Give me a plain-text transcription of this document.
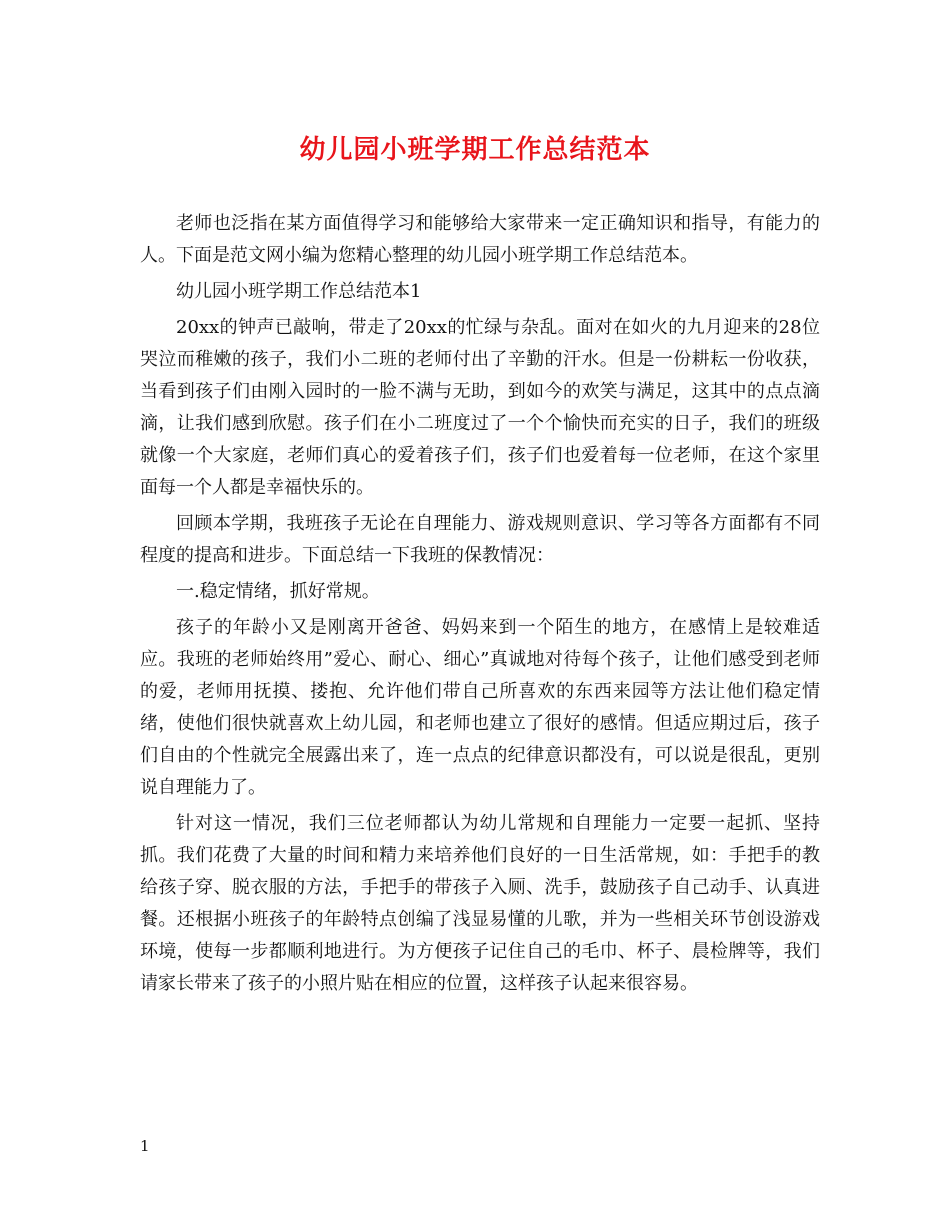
幼儿园小班学期工作总结范本

老师也泛指在某方面值得学习和能够给大家带来一定正确知识和指导，有能力的人。下面是范文网小编为您精心整理的幼儿园小班学期工作总结范本。

幼儿园小班学期工作总结范本1

20xx的钟声已敲响，带走了20xx的忙绿与杂乱。面对在如火的九月迎来的28位哭泣而稚嫩的孩子，我们小二班的老师付出了辛勤的汗水。但是一份耕耘一份收获，当看到孩子们由刚入园时的一脸不满与无助，到如今的欢笑与满足，这其中的点点滴滴，让我们感到欣慰。孩子们在小二班度过了一个个愉快而充实的日子，我们的班级就像一个大家庭，老师们真心的爱着孩子们，孩子们也爱着每一位老师，在这个家里面每一个人都是幸福快乐的。

回顾本学期，我班孩子无论在自理能力、游戏规则意识、学习等各方面都有不同程度的提高和进步。下面总结一下我班的保教情况：

一.稳定情绪，抓好常规。

孩子的年龄小又是刚离开爸爸、妈妈来到一个陌生的地方，在感情上是较难适应。我班的老师始终用”爱心、耐心、细心”真诚地对待每个孩子，让他们感受到老师的爱，老师用抚摸、搂抱、允许他们带自己所喜欢的东西来园等方法让他们稳定情绪，使他们很快就喜欢上幼儿园，和老师也建立了很好的感情。但适应期过后，孩子们自由的个性就完全展露出来了，连一点点的纪律意识都没有，可以说是很乱，更别说自理能力了。

针对这一情况，我们三位老师都认为幼儿常规和自理能力一定要一起抓、坚持抓。我们花费了大量的时间和精力来培养他们良好的一日生活常规，如：手把手的教给孩子穿、脱衣服的方法，手把手的带孩子入厕、洗手，鼓励孩子自己动手、认真进餐。还根据小班孩子的年龄特点创编了浅显易懂的儿歌，并为一些相关环节创设游戏环境，使每一步都顺利地进行。为方便孩子记住自己的毛巾、杯子、晨检牌等，我们请家长带来了孩子的小照片贴在相应的位置，这样孩子认起来很容易。

1
